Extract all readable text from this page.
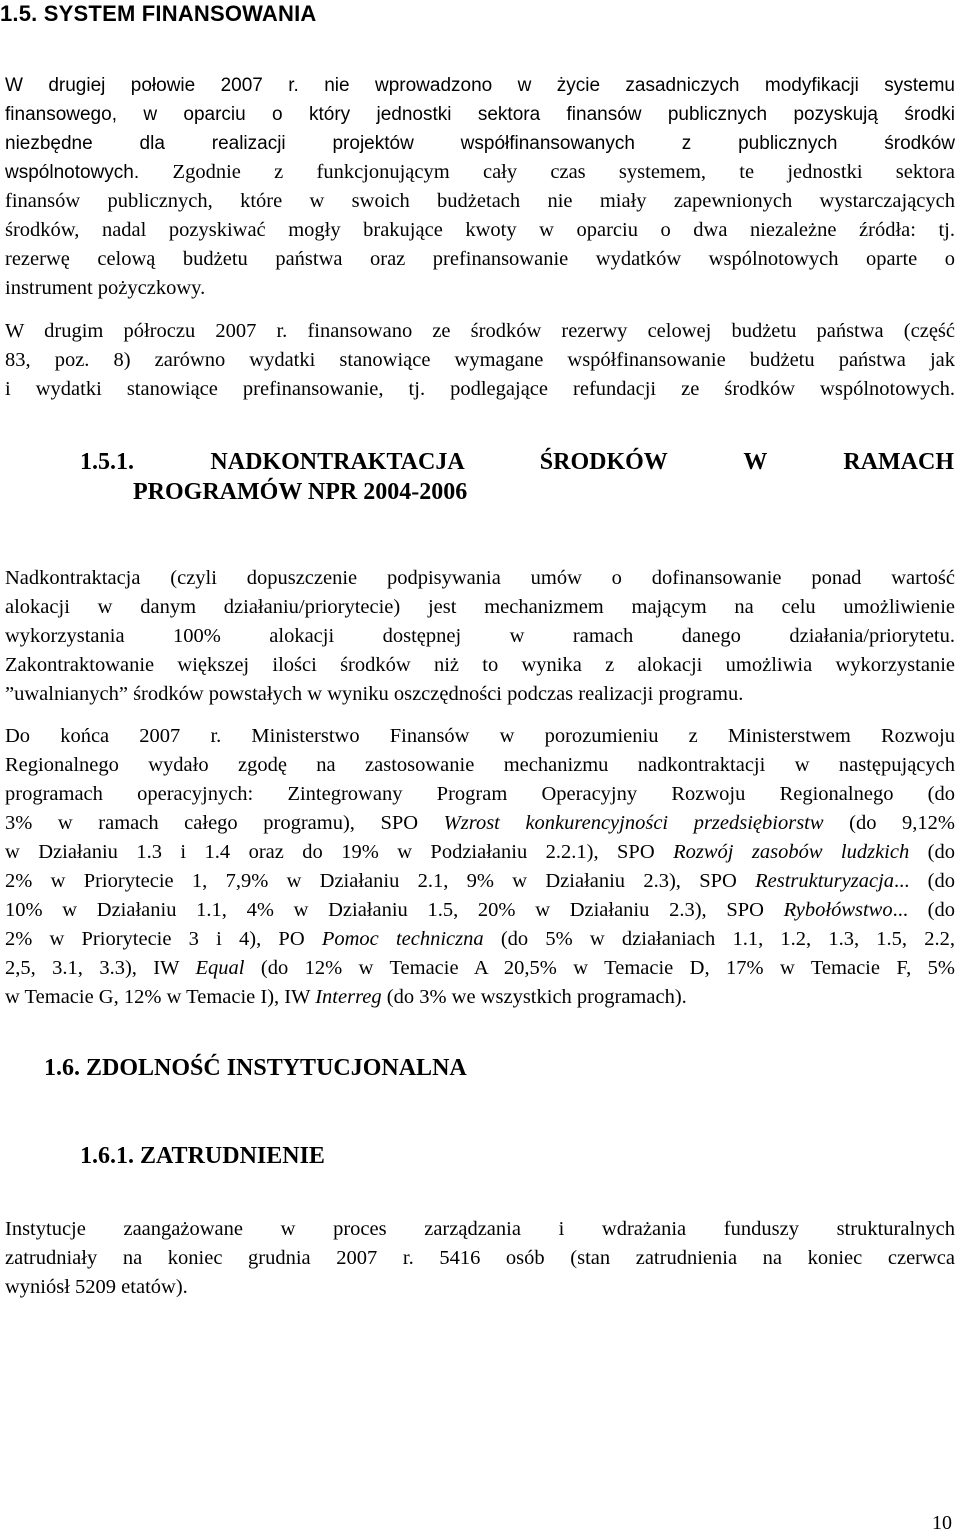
1.5. SYSTEM FINANSOWANIA
W drugiej połowie 2007 r. nie wprowadzono w życie zasadniczych modyfikacji systemu
finansowego, w oparciu o który jednostki sektora finansów publicznych pozyskują środki
niezbędne dla realizacji projektów współfinansowanych z publicznych środków
wspólnotowych. Zgodnie z funkcjonującym cały czas systemem, te jednostki sektora
finansów publicznych, które w swoich budżetach nie miały zapewnionych wystarczających
środków, nadal pozyskiwać mogły brakujące kwoty w oparciu o dwa niezależne źródła: tj.
rezerwę celową budżetu państwa oraz prefinansowanie wydatków wspólnotowych oparte o
instrument pożyczkowy.
W drugim półroczu 2007 r. finansowano ze środków rezerwy celowej budżetu państwa (część
83, poz. 8) zarówno wydatki stanowiące wymagane współfinansowanie budżetu państwa jak
i wydatki stanowiące prefinansowanie, tj. podlegające refundacji ze środków wspólnotowych.
1.5.1. NADKONTRAKTACJA ŚRODKÓW W RAMACH
PROGRAMÓW NPR 2004-2006
Nadkontraktacja (czyli dopuszczenie podpisywania umów o dofinansowanie ponad wartość
alokacji w danym działaniu/priorytecie) jest mechanizmem mającym na celu umożliwienie
wykorzystania 100% alokacji dostępnej w ramach danego działania/priorytetu.
Zakontraktowanie większej ilości środków niż to wynika z alokacji umożliwia wykorzystanie
”uwalnianych” środków powstałych w wyniku oszczędności podczas realizacji programu.
Do końca 2007 r. Ministerstwo Finansów w porozumieniu z Ministerstwem Rozwoju
Regionalnego wydało zgodę na zastosowanie mechanizmu nadkontraktacji w następujących
programach operacyjnych: Zintegrowany Program Operacyjny Rozwoju Regionalnego (do
3% w ramach całego programu), SPO Wzrost konkurencyjności przedsiębiorstw (do 9,12%
w Działaniu 1.3 i 1.4 oraz do 19% w Podziałaniu 2.2.1), SPO Rozwój zasobów ludzkich (do
2% w Priorytecie 1, 7,9% w Działaniu 2.1, 9% w Działaniu 2.3), SPO Restrukturyzacja... (do
10% w Działaniu 1.1, 4% w Działaniu 1.5, 20% w Działaniu 2.3), SPO Rybołówstwo... (do
2% w Priorytecie 3 i 4), PO Pomoc techniczna (do 5% w działaniach 1.1, 1.2, 1.3, 1.5, 2.2,
2,5, 3.1, 3.3), IW Equal (do 12% w Temacie A 20,5% w Temacie D, 17% w Temacie F, 5%
w Temacie G, 12% w Temacie I), IW Interreg (do 3% we wszystkich programach).
1.6. ZDOLNOŚĆ INSTYTUCJONALNA
1.6.1. ZATRUDNIENIE
Instytucje zaangażowane w proces zarządzania i wdrażania funduszy strukturalnych
zatrudniały na koniec grudnia 2007 r. 5416 osób (stan zatrudnienia na koniec czerwca
wyniósł 5209 etatów).
10
